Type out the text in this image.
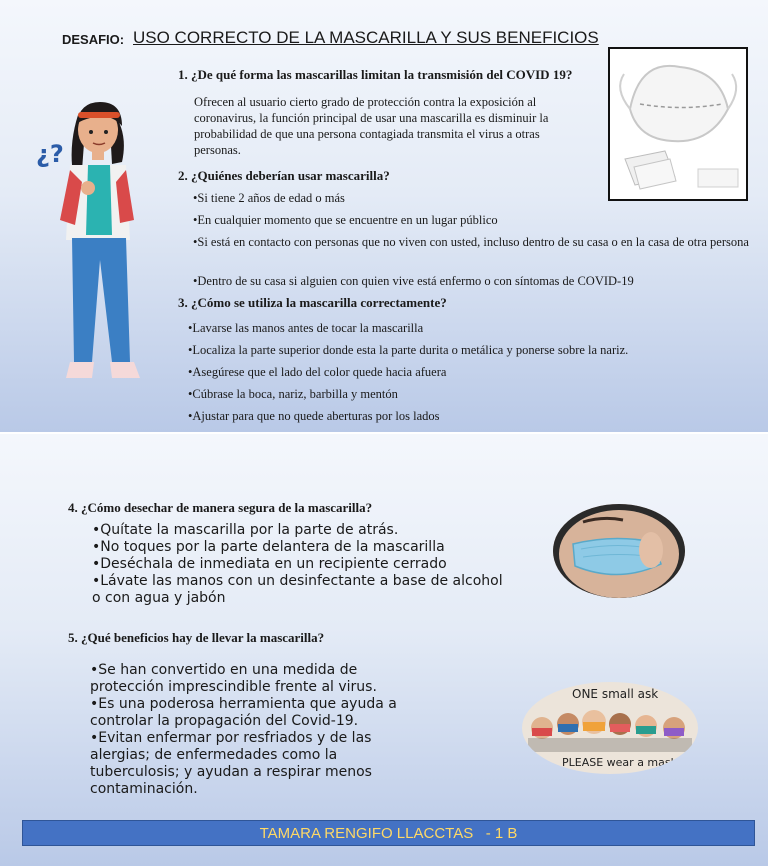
DESAFIO: USO CORRECTO DE LA MASCARILLA Y SUS BENEFICIOS
¿?
1. ¿De qué forma las mascarillas limitan la transmisión del COVID 19?
Ofrecen al usuario cierto grado de protección contra la exposición al coronavirus, la función principal de usar una mascarilla es disminuir la probabilidad de que una persona contagiada transmita el virus a otras personas.
2. ¿Quiénes deberían usar mascarilla?
•Si tiene 2 años de edad o más
•En cualquier momento que se encuentre en un lugar público
•Si está en contacto con personas que no viven con usted, incluso dentro de su casa o en la casa de otra persona
•Dentro de su casa si alguien con quien vive está enfermo o con síntomas de COVID-19
3. ¿Cómo se utiliza la mascarilla correctamente?
•Lavarse las manos antes de tocar la mascarilla
•Localiza la parte superior donde esta la parte durita o metálica y ponerse sobre la nariz.
•Asegúrese que el lado del color quede hacia afuera
•Cúbrase la boca, nariz, barbilla y mentón
•Ajustar para que no quede aberturas por los lados
4. ¿Cómo desechar de manera segura de la mascarilla?
•Quítate la mascarilla por la parte de atrás.
•No toques por la parte delantera de la mascarilla
•Deséchala de inmediata en un recipiente cerrado
•Lávate las manos con un desinfectante a base de alcohol o con agua y jabón
5. ¿Qué beneficios hay de llevar la mascarilla?
•Se han convertido en una medida de protección imprescindible frente al virus.
•Es una poderosa herramienta que ayuda a controlar la propagación del Covid-19.
•Evitan enfermar por resfriados y de las alergias; de enfermedades como la tuberculosis; y ayudan a respirar menos contaminación.
ONE small ask
PLEASE wear a mask
TAMARA RENGIFO LLACCTAS   - 1 B
